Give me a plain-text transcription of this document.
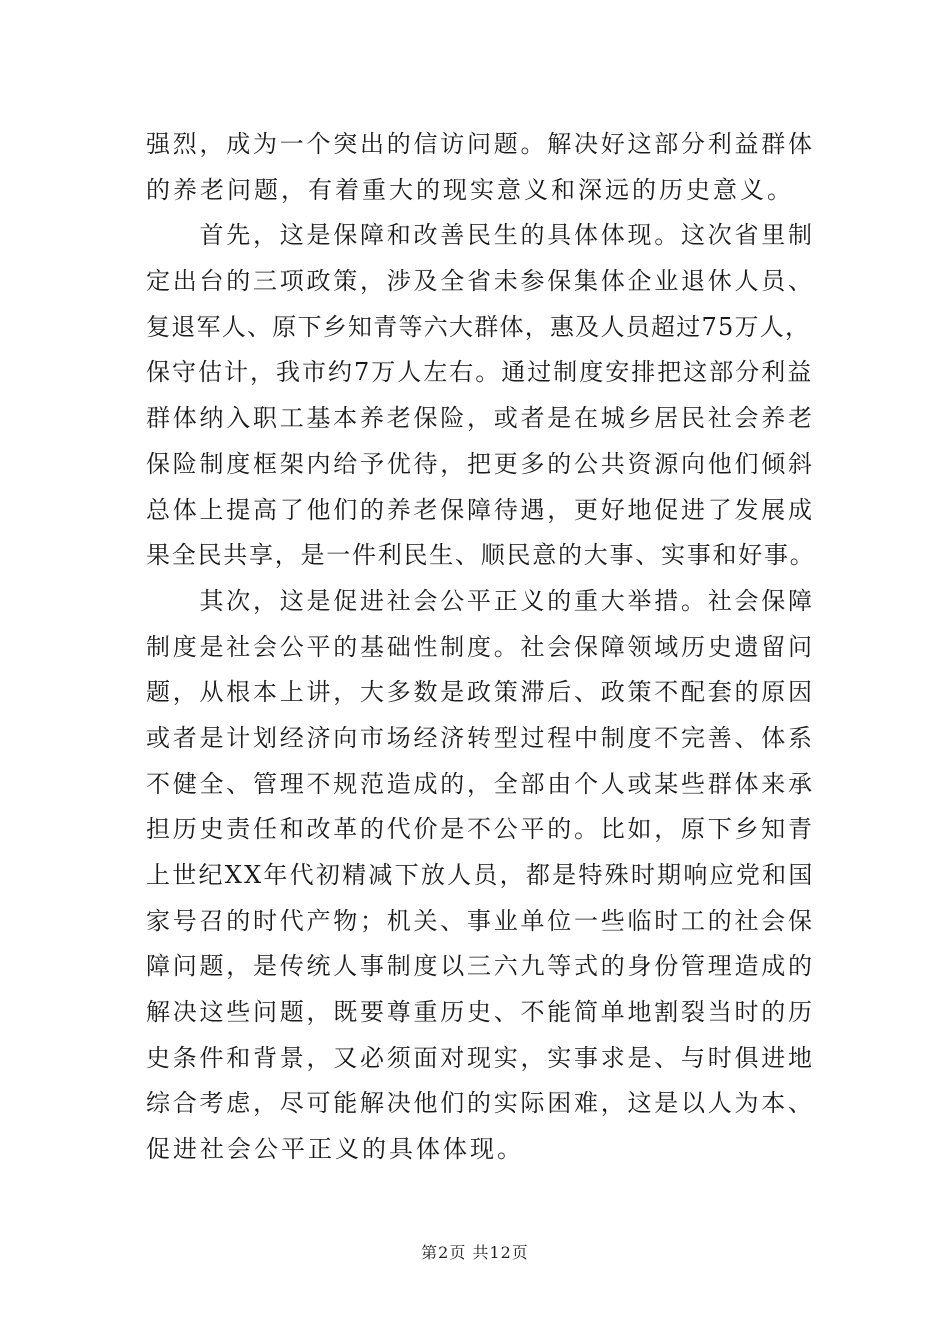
强烈，成为一个突出的信访问题。解决好这部分利益群体
的养老问题，有着重大的现实意义和深远的历史意义。
　　首先，这是保障和改善民生的具体体现。这次省里制
定出台的三项政策，涉及全省未参保集体企业退休人员、
复退军人、原下乡知青等六大群体，惠及人员超过75万人，
保守估计，我市约7万人左右。通过制度安排把这部分利益
群体纳入职工基本养老保险，或者是在城乡居民社会养老
保险制度框架内给予优待，把更多的公共资源向他们倾斜
总体上提高了他们的养老保障待遇，更好地促进了发展成
果全民共享，是一件利民生、顺民意的大事、实事和好事。
　　其次，这是促进社会公平正义的重大举措。社会保障
制度是社会公平的基础性制度。社会保障领域历史遗留问
题，从根本上讲，大多数是政策滞后、政策不配套的原因
或者是计划经济向市场经济转型过程中制度不完善、体系
不健全、管理不规范造成的，全部由个人或某些群体来承
担历史责任和改革的代价是不公平的。比如，原下乡知青
上世纪XX年代初精减下放人员，都是特殊时期响应党和国
家号召的时代产物；机关、事业单位一些临时工的社会保
障问题，是传统人事制度以三六九等式的身份管理造成的
解决这些问题，既要尊重历史、不能简单地割裂当时的历
史条件和背景，又必须面对现实，实事求是、与时俱进地
综合考虑，尽可能解决他们的实际困难，这是以人为本、
促进社会公平正义的具体体现。
第2页 共12页
